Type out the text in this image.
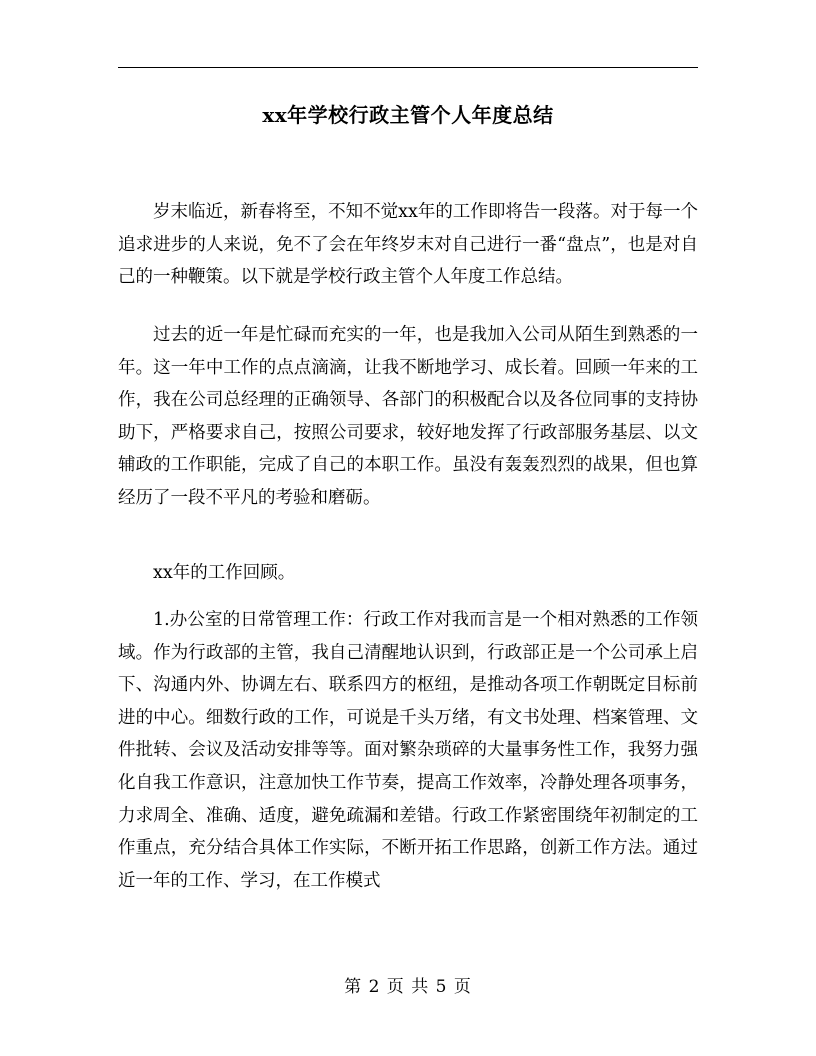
xx年学校行政主管个人年度总结

岁末临近，新春将至，不知不觉xx年的工作即将告一段落。对于每一个追求进步的人来说，免不了会在年终岁末对自己进行一番“盘点”，也是对自己的一种鞭策。以下就是学校行政主管个人年度工作总结。

过去的近一年是忙碌而充实的一年，也是我加入公司从陌生到熟悉的一年。这一年中工作的点点滴滴，让我不断地学习、成长着。回顾一年来的工作，我在公司总经理的正确领导、各部门的积极配合以及各位同事的支持协助下，严格要求自己，按照公司要求，较好地发挥了行政部服务基层、以文辅政的工作职能，完成了自己的本职工作。虽没有轰轰烈烈的战果，但也算经历了一段不平凡的考验和磨砺。

xx年的工作回顾。

1.办公室的日常管理工作：行政工作对我而言是一个相对熟悉的工作领域。作为行政部的主管，我自己清醒地认识到，行政部正是一个公司承上启下、沟通内外、协调左右、联系四方的枢纽，是推动各项工作朝既定目标前进的中心。细数行政的工作，可说是千头万绪，有文书处理、档案管理、文件批转、会议及活动安排等等。面对繁杂琐碎的大量事务性工作，我努力强化自我工作意识，注意加快工作节奏，提高工作效率，冷静处理各项事务，力求周全、准确、适度，避免疏漏和差错。行政工作紧密围绕年初制定的工作重点，充分结合具体工作实际，不断开拓工作思路，创新工作方法。通过近一年的工作、学习，在工作模式

第 2 页 共 5 页
